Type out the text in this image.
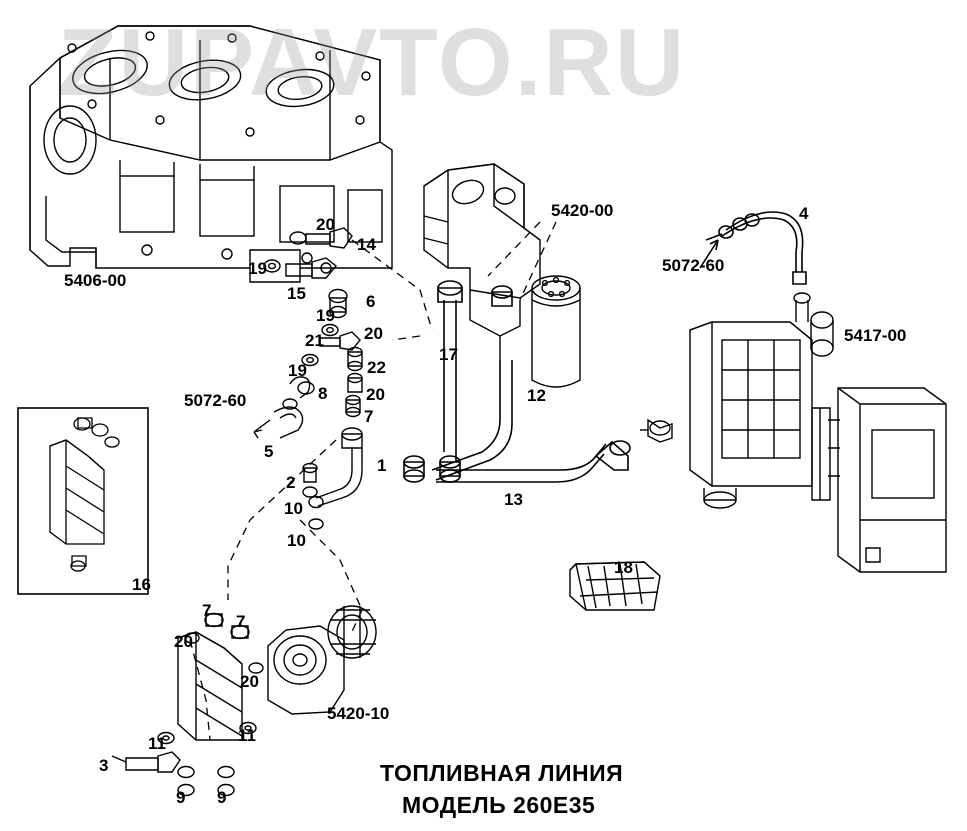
ZUPAVTO.RU
5406-00
5420-00
5072-60
5417-00
5072-60
5420-10
20
14
19
4
15
19
6
21 20
17
19	22
8 20	12
7
1
5
2
10	13
10
18
16
7
7
20
20
11	11
3
9 9
ТОПЛИВНАЯ ЛИНИЯ
МОДЕЛЬ 260E35
